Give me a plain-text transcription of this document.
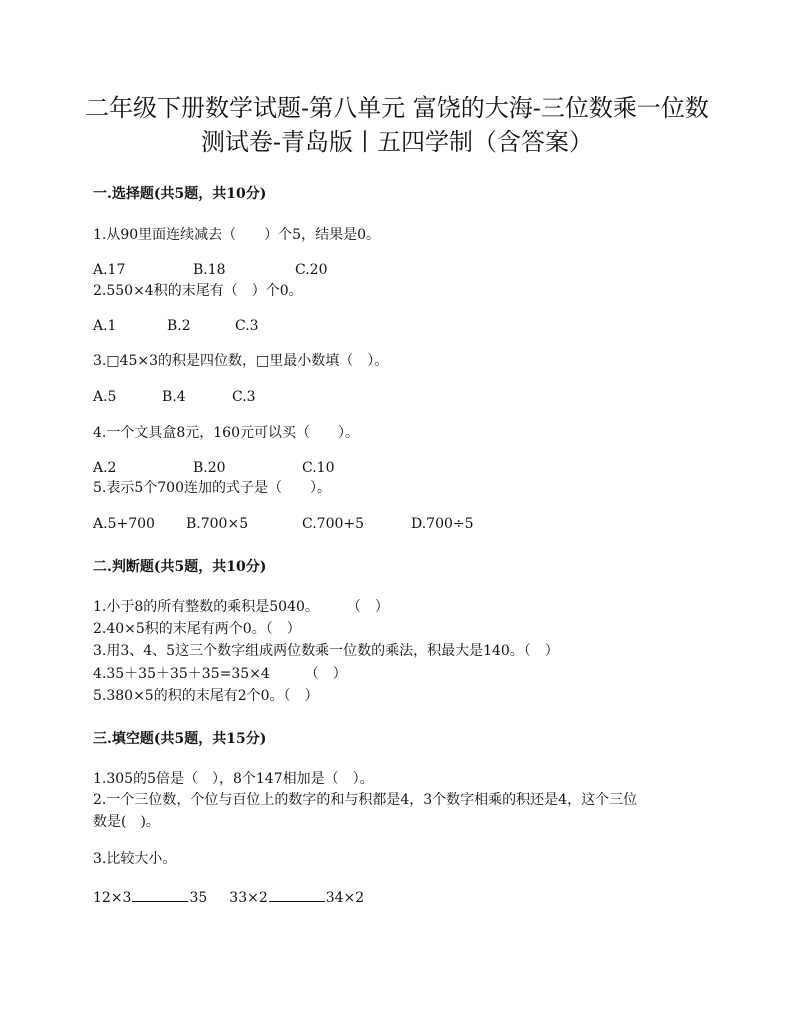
二年级下册数学试题-第八单元 富饶的大海-三位数乘一位数
测试卷-青岛版丨五四学制（含答案）

一.选择题(共5题，共10分)

1.从90里面连续减去（　　）个5，结果是0。
A.17	B.18	C.20
2.550×4积的末尾有（　）个0。
A.1	B.2	C.3
3.□45×3的积是四位数，□里最小数填（　）。
A.5	B.4	C.3
4.一个文具盒8元，160元可以买（　　）。
A.2	B.20	C.10
5.表示5个700连加的式子是（　　）。
A.5+700 B.700×5	C.700+5	D.700÷5

二.判断题(共5题，共10分)

1.小于8的所有整数的乘积是5040。　　　（　）
2.40×5积的末尾有两个0。（　）
3.用3、4、5这三个数字组成两位数乘一位数的乘法，积最大是140。（　）
4.35＋35＋35＋35=35×4　　　（　）
5.380×5的积的末尾有2个0。（　）

三.填空题(共5题，共15分)

1.305的5倍是（　），8个147相加是（　）。
2.一个三位数，个位与百位上的数字的和与积都是4，3个数字相乘的积还是4，这个三位
数是(　)。
3.比较大小。
12×3	35 33×2	34×2
